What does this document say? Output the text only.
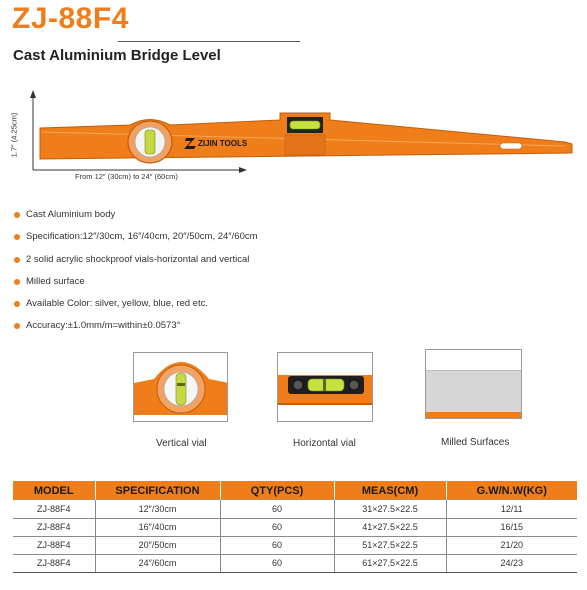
ZJ-88F4
Cast Aluminium Bridge Level
ZIJIN TOOLS
1.7″ (4.25cm)
From 12″ (30cm) to 24″ (60cm)
Cast Aluminium body
Specification:12″/30cm, 16″/40cm, 20″/50cm, 24″/60cm
2 solid acrylic shockproof vials-horizontal and vertical
Milled surface
Available Color: silver, yellow, blue, red etc.
Accuracy:±1.0mm/m=within±0.0573°
Vertical vial	Horizontal vial	Milled Surfaces
MODEL	SPECIFICATION	QTY(PCS)	MEAS(CM)	G.W/N.W(KG)
ZJ-88F4	12″/30cm	60	31×27.5×22.5	12/11
ZJ-88F4	16″/40cm	60	41×27.5×22.5	16/15
ZJ-88F4	20″/50cm	60	51×27.5×22.5	21/20
ZJ-88F4	24″/60cm	60	61×27.5×22.5	24/23
